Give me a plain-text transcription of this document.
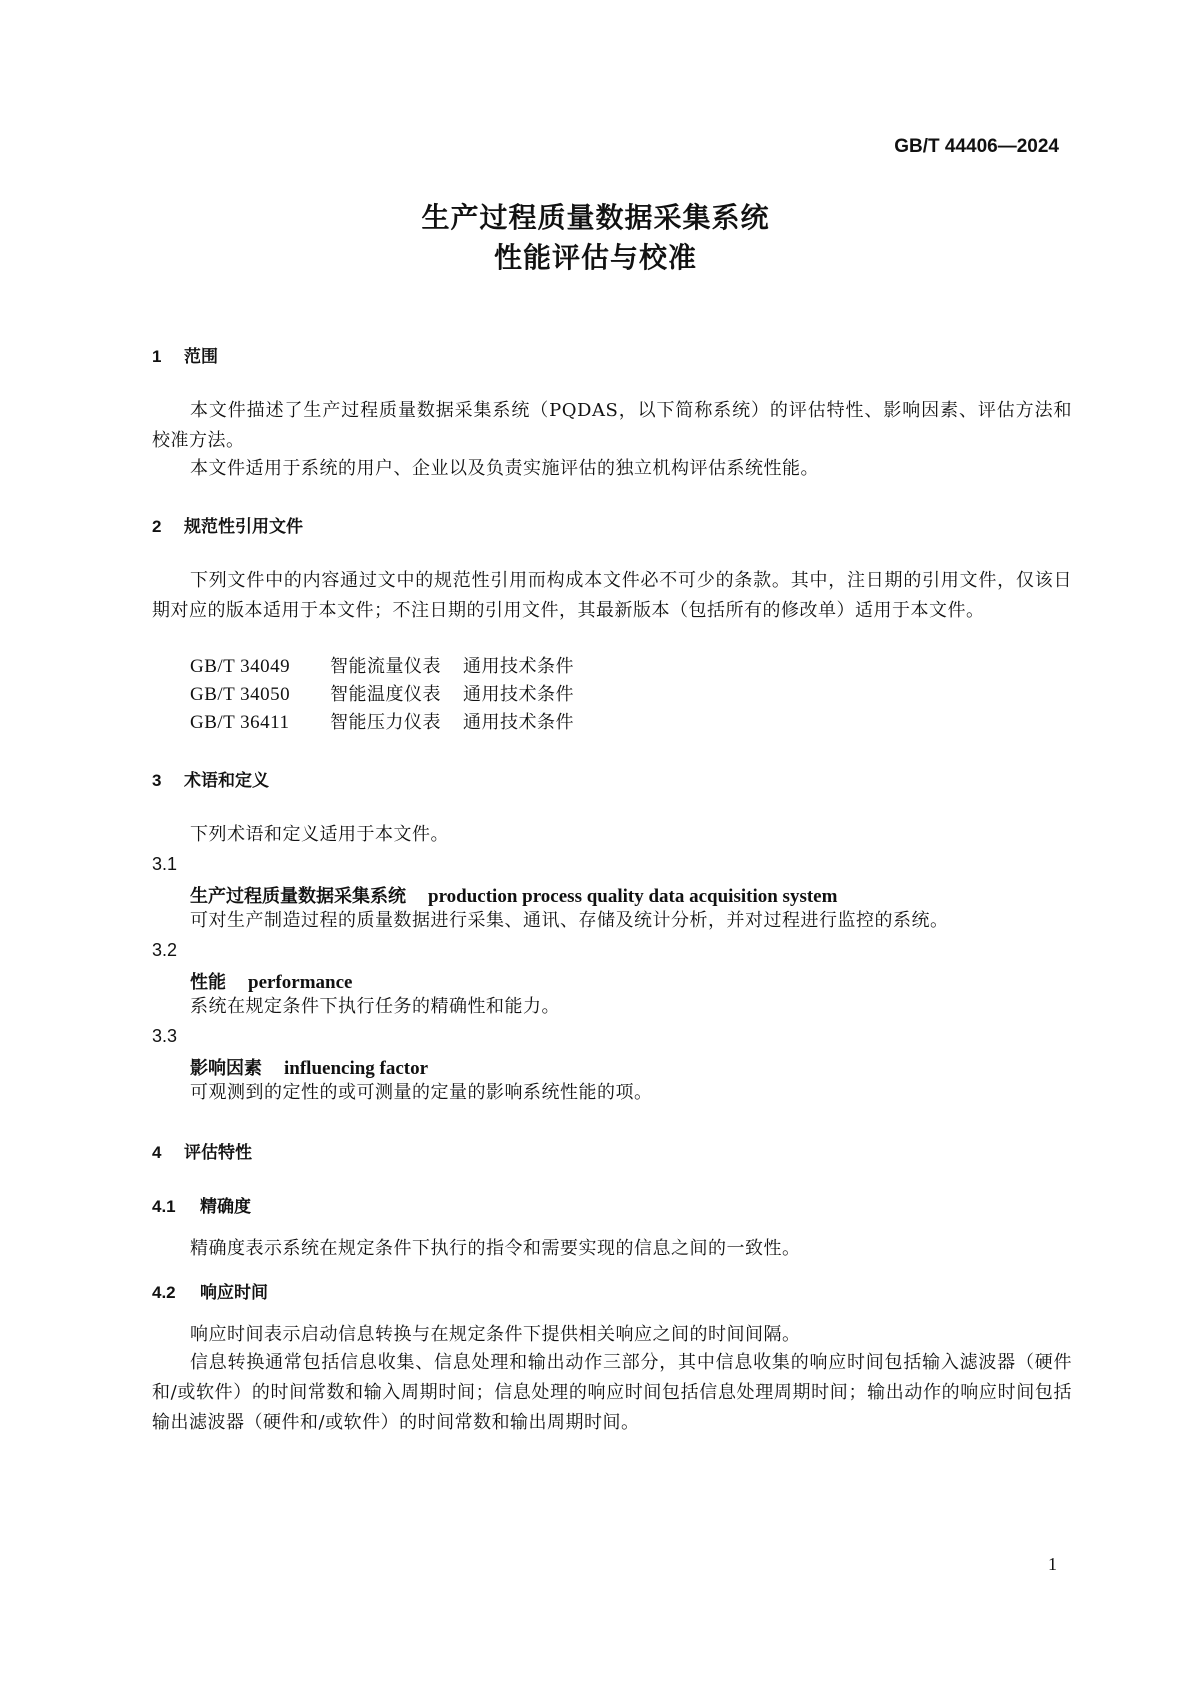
GB/T 44406—2024
生产过程质量数据采集系统
性能评估与校准
1 范围
本文件描述了生产过程质量数据采集系统（PQDAS，以下简称系统）的评估特性、影响因素、评估方法和校准方法。
本文件适用于系统的用户、企业以及负责实施评估的独立机构评估系统性能。
2 规范性引用文件
下列文件中的内容通过文中的规范性引用而构成本文件必不可少的条款。其中，注日期的引用文件，仅该日期对应的版本适用于本文件；不注日期的引用文件，其最新版本（包括所有的修改单）适用于本文件。
GB/T 34049 智能流量仪表 通用技术条件
GB/T 34050 智能温度仪表 通用技术条件
GB/T 36411 智能压力仪表 通用技术条件
3 术语和定义
下列术语和定义适用于本文件。
3.1
生产过程质量数据采集系统 production process quality data acquisition system
可对生产制造过程的质量数据进行采集、通讯、存储及统计分析，并对过程进行监控的系统。
3.2
性能 performance
系统在规定条件下执行任务的精确性和能力。
3.3
影响因素 influencing factor
可观测到的定性的或可测量的定量的影响系统性能的项。
4 评估特性
4.1 精确度
精确度表示系统在规定条件下执行的指令和需要实现的信息之间的一致性。
4.2 响应时间
响应时间表示启动信息转换与在规定条件下提供相关响应之间的时间间隔。
信息转换通常包括信息收集、信息处理和输出动作三部分，其中信息收集的响应时间包括输入滤波器（硬件和/或软件）的时间常数和输入周期时间；信息处理的响应时间包括信息处理周期时间；输出动作的响应时间包括输出滤波器（硬件和/或软件）的时间常数和输出周期时间。
1
